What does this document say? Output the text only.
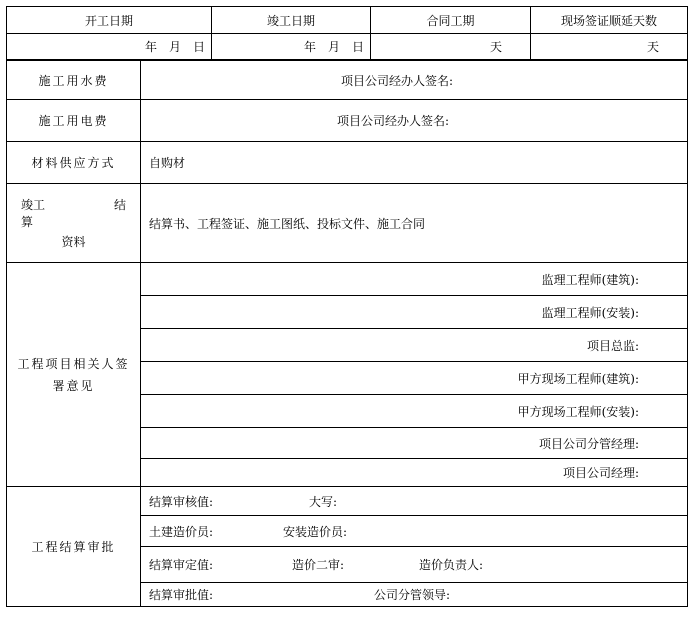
开工日期	竣工日期	合同工期	现场签证顺延天数
年　月　日	年　月　日	天	天
施工用水费	项目公司经办人签名:
施工用电费	项目公司经办人签名:
材料供应方式	自购材

竣工 结
算
资料	结算书、工程签证、施工图纸、投标文件、施工合同
工程项目相关人签署意见	监理工程师(建筑):
	监理工程师(安装):
	项目总监:
	甲方现场工程师(建筑):
	甲方现场工程师(安装):
	项目公司分管经理:
	项目公司经理:
工程结算审批	结算审核值: 大写:
	土建造价员: 安装造价员:
	结算审定值: 造价二审: 造价负责人:
	结算审批值: 公司分管领导:
